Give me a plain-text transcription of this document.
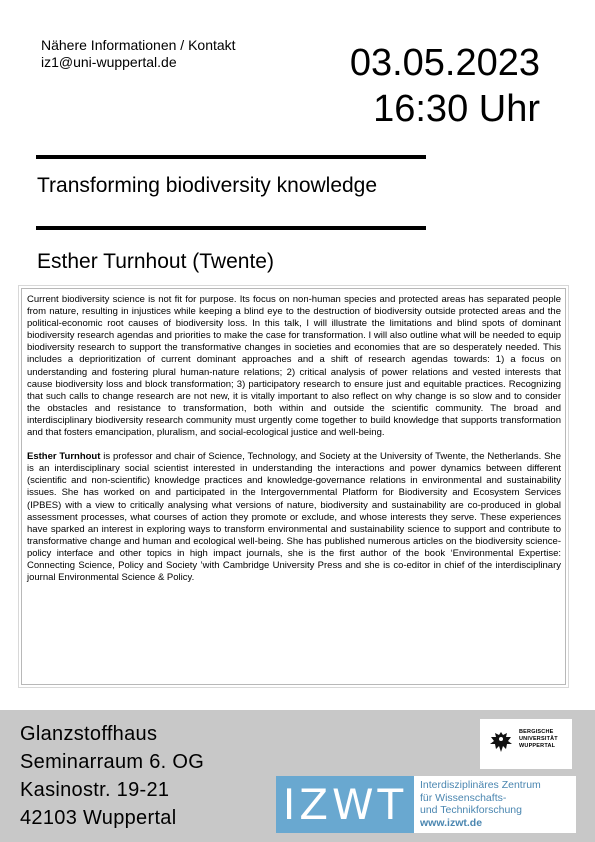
Nähere Informationen / Kontakt
iz1@uni-wuppertal.de	03.05.2023
16:30 Uhr
Transforming biodiversity knowledge
Esther Turnhout (Twente)

Current biodiversity science is not fit for purpose. Its focus on non-human species and protected areas has separated people from nature, resulting in injustices while keeping a blind eye to the destruction of biodiversity outside protected areas and the political-economic root causes of biodiversity loss. In this talk, I will illustrate the limitations and blind spots of dominant biodiversity research agendas and priorities to make the case for transformation. I will also outline what will be needed to equip biodiversity research to support the transformative changes in societies and economies that are so desperately needed. This includes a deprioritization of current dominant approaches and a shift of research agendas towards: 1) a focus on understanding and fostering plural human-nature relations; 2) critical analysis of power relations and vested interests that cause biodiversity loss and block transformation; 3) participatory research to ensure just and equitable practices. Recognizing that such calls to change research are not new, it is vitally important to also reflect on why change is so slow and to consider the obstacles and resistance to transformation, both within and outside the scientific community. The broad and interdisciplinary biodiversity research community must urgently come together to build knowledge that supports transformation and that fosters emancipation, pluralism, and social-ecological justice and well-being.

Esther Turnhout is professor and chair of Science, Technology, and Society at the University of Twente, the Netherlands. She is an interdisciplinary social scientist interested in understanding the interactions and power dynamics between different (scientific and non-scientific) knowledge practices and knowledge-governance relations in environmental and sustainability issues. She has worked on and participated in the Intergovernmental Platform for Biodiversity and Ecosystem Services (IPBES) with a view to critically analysing what versions of nature, biodiversity and sustainability are co-produced in global assessment processes, what courses of action they promote or exclude, and whose interests they serve. These experiences have sparked an interest in exploring ways to transform environmental and sustainability science to support and contribute to transformative change and human and ecological well-being. She has published numerous articles on the biodiversity science-policy interface and other topics in high impact journals, she is the first author of the book ‘Environmental Expertise: Connecting Science, Policy and Society ’with Cambridge University Press and she is co-editor in chief of the interdisciplinary journal Environmental Science & Policy.

Glanzstoffhaus
Seminarraum 6. OG
Kasinostr. 19-21
42103 Wuppertal
BERGISCHE
UNIVERSITÄT
WUPPERTAL
IZWT	Interdisziplinäres Zentrum
für Wissenschafts-
und Technikforschung
www.izwt.de
